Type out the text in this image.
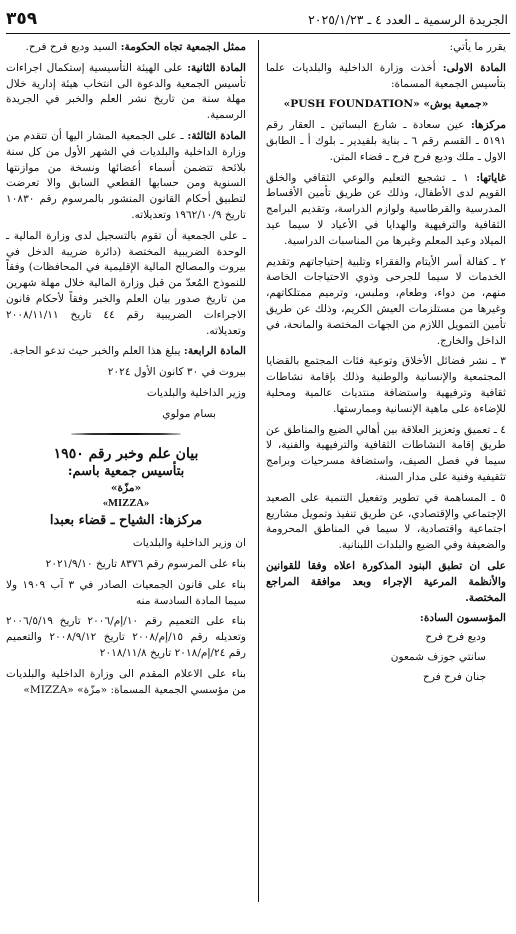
الجريدة الرسمية ـ العدد ٤ ـ ٢٠٢٥/١/٢٣
٣٥٩

يقرر ما يأتي:

المادة الاولى: أخذت وزارة الداخلية والبلديات علما بتأسيس الجمعية المسماة:

«جمعية بوش» «PUSH FOUNDATION»

مركزها: عين سعادة ـ شارع البساتين ـ العقار رقم ٥١٩١ ـ القسم رقم ٦ ـ بناية بلفيدير ـ بلوك أ ـ الطابق الاول ـ ملك وديع فرح فرح ـ قضاء المتن.

غاياتها: ١ ـ تشجيع التعليم والوعي الثقافي والخلق القويم لدى الأطفال، وذلك عن طريق تأمين الأقساط المدرسية والقرطاسية ولوازم الدراسة، وتقديم البرامج الثقافية والترفيهية والهدايا في الأعياد لا سيما عيد الميلاد وعيد المعلم وغيرها من المناسبات الدراسية.

٢ ـ كفالة أسر الأيتام والفقراء وتلبية إحتياجاتهم وتقديم الخدمات لا سيما للجرحى وذوي الاحتياجات الخاصة منهم، من دواء، وطعام، وملبس، وترميم ممتلكاتهم، وغيرها من مستلزمات العيش الكريم، وذلك عن طريق تأمين التمويل اللازم من الجهات المختصة والمانحة، في الداخل والخارج.

٣ ـ نشر فضائل الأخلاق وتوعية فئات المجتمع بالقضايا المجتمعية والإنسانية والوطنية وذلك بإقامة نشاطات ثقافية وترفيهية واستضافة منتديات عالمية ومحلية للإضاءة على ماهية الإنسانية وممارستها.

٤ ـ تعميق وتعزيز العلاقة بين أهالي الضيع والمناطق عن طريق إقامة النشاطات الثقافية والترفيهية والفنية، لا سيما في فصل الصيف، واستضافة مسرحيات وبرامج تثقيفية وفنية على مدار السنة.

٥ ـ المساهمة في تطوير وتفعيل التنمية على الصعيد الإجتماعي والإقتصادي، عن طريق تنفيذ وتمويل مشاريع اجتماعية واقتصادية، لا سيما في المناطق المحرومة والضعيفة وفي الضيع والبلدات اللبنانية.

على ان تطبق البنود المذكورة اعلاه وفقا للقوانين والأنظمة المرعية الإجراء وبعد موافقة المراجع المختصة.

المؤسسون السادة:

وديع فرح فرح

سانتي جوزف شمعون

جنان فرح فرح

ممثل الجمعية تجاه الحكومة: السيد وديع فرح فرح.

المادة الثانية: على الهيئة التأسيسية إستكمال اجراءات تأسيس الجمعية والدعوة الى انتخاب هيئة إدارية خلال مهلة سنة من تاريخ نشر العلم والخبر في الجريدة الرسمية.

المادة الثالثة: ـ على الجمعية المشار اليها أن تتقدم من وزارة الداخلية والبلديات في الشهر الأول من كل سنة بلائحة تتضمن أسماء أعضائها ونسخة من موازنتها السنوية ومن حسابها القطعي السابق والا تعرضت لتطبيق أحكام القانون المنشور بالمرسوم رقم ١٠٨٣٠ تاريخ ١٩٦٢/١٠/٩ وتعديلاته.

ـ على الجمعية أن تقوم بالتسجيل لدى وزارة المالية ـ الوحدة الضريبية المختصة (دائرة ضريبة الدخل في بيروت والمصالح المالية الإقليمية في المحافظات) وفقاً للنموذج المُعدّ من قبل وزارة المالية خلال مهلة شهرين من تاريخ صدور بيان العلم والخبر وفقاً لأحكام قانون الاجراءات الضريبية رقم ٤٤ تاريخ ٢٠٠٨/١١/١١ وتعديلاته.

المادة الرابعة: يبلغ هذا العلم والخبر حيث تدعو الحاجة.

بيروت في ٣٠ كانون الأول ٢٠٢٤

وزير الداخلية والبلديات

بسام مولوي

بيان علم وخبر رقم ١٩٥٠
بتأسيس جمعية باسم:
«مزّة»
«MIZZA»
مركزها: الشياح ـ قضاء بعبدا

ان وزير الداخلية والبلديات

بناء على المرسوم رقم ٨٣٧٦ تاريخ ٢٠٢١/٩/١٠

بناء على قانون الجمعيات الصادر في ٣ آب ١٩٠٩ ولا سيما المادة السادسة منه

بناء على التعميم رقم ١٠/إم/٢٠٠٦ تاريخ ٢٠٠٦/٥/١٩ وتعديله رقم ١٥/إم/٢٠٠٨ تاريخ ٢٠٠٨/٩/١٢ والتعميم رقم ٢٤/إم/٢٠١٨ تاريخ ٢٠١٨/١١/٨

بناء على الاعلام المقدم الى وزارة الداخلية والبلديات من مؤسسي الجمعية المسماة: «مزّة» «MIZZA»
